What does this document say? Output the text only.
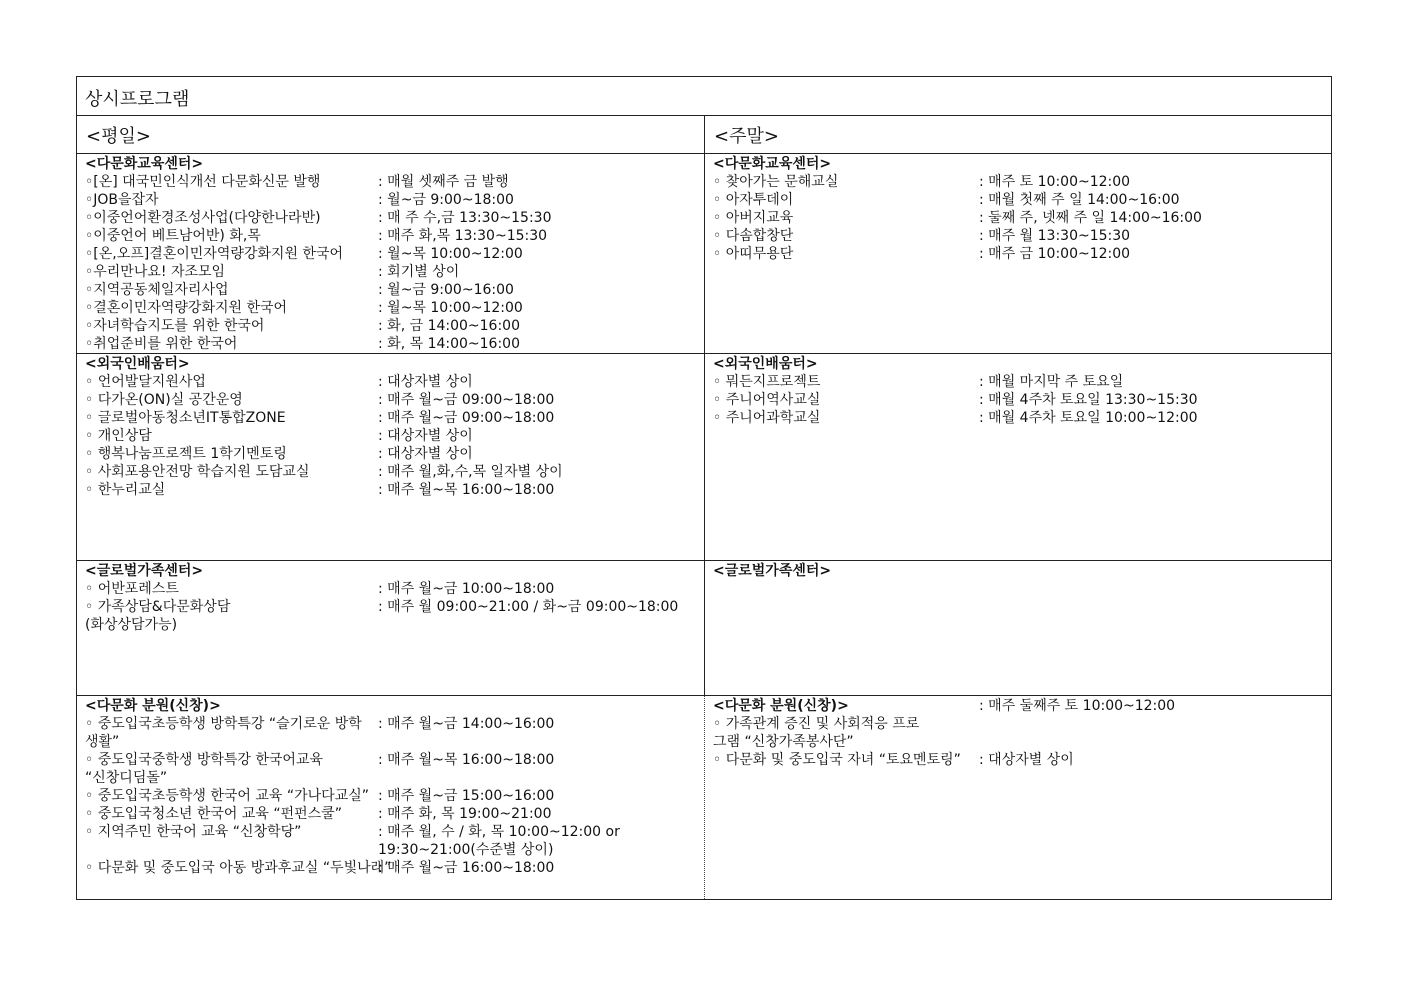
상시프로그램
<평일>	<주말>
<다문화교육센터>
◦[온] 대국민인식개선 다문화신문 발행	: 매월 셋째주 금 발행
◦JOB을잡자	: 월~금 9:00~18:00
◦이중언어환경조성사업(다양한나라반)	: 매 주 수,금 13:30~15:30
◦이중언어 베트남어반) 화,목	: 매주 화,목 13:30~15:30
◦[온,오프]결혼이민자역량강화지원 한국어	: 월~목 10:00~12:00
◦우리만나요! 자조모임	: 회기별 상이
◦지역공동체일자리사업	: 월~금 9:00~16:00
◦결혼이민자역량강화지원 한국어	: 월~목 10:00~12:00
◦자녀학습지도를 위한 한국어	: 화, 금 14:00~16:00
◦취업준비를 위한 한국어	: 화, 목 14:00~16:00
<다문화교육센터>
◦ 찾아가는 문해교실	: 매주 토 10:00~12:00
◦ 아자투데이	: 매월 첫째 주 일 14:00~16:00
◦ 아버지교육	: 둘째 주, 넷째 주 일 14:00~16:00
◦ 다솜합창단	: 매주 월 13:30~15:30
◦ 아띠무용단	: 매주 금 10:00~12:00
<외국인배움터>
◦ 언어발달지원사업	: 대상자별 상이
◦ 다가온(ON)실 공간운영	: 매주 월~금 09:00~18:00
◦ 글로벌아동청소년IT통합ZONE	: 매주 월~금 09:00~18:00
◦ 개인상담	: 대상자별 상이
◦ 행복나눔프로젝트 1학기멘토링	: 대상자별 상이
◦ 사회포용안전망 학습지원 도담교실	: 매주 월,화,수,목 일자별 상이
◦ 한누리교실	: 매주 월~목 16:00~18:00
<외국인배움터>
◦ 뭐든지프로젝트	: 매월 마지막 주 토요일
◦ 주니어역사교실	: 매월 4주차 토요일 13:30~15:30
◦ 주니어과학교실	: 매월 4주차 토요일 10:00~12:00
<글로벌가족센터>
◦ 어반포레스트	: 매주 월~금 10:00~18:00
◦ 가족상담&다문화상담	: 매주 월 09:00~21:00 / 화~금 09:00~18:00
(화상상담가능)
<글로벌가족센터>
<다문화 분원(신창)>
◦ 중도입국초등학생 방학특강 “슬기로운 방학 : 매주 월~금 14:00~16:00
생활”
◦ 중도입국중학생 방학특강 한국어교육	: 매주 월~목 16:00~18:00
“신창디딤돌”
◦ 중도입국초등학생 한국어 교육 “가나다교실” : 매주 월~금 15:00~16:00
◦ 중도입국청소년 한국어 교육 “펀펀스쿨”	: 매주 화, 목 19:00~21:00
◦ 지역주민 한국어 교육 “신창학당”	: 매주 월, 수 / 화, 목 10:00~12:00 or
19:30~21:00(수준별 상이)
◦ 다문화 및 중도입국 아동 방과후교실 “두빛나래”
: 매주 월~금 16:00~18:00
<다문화 분원(신창)>	: 매주 둘째주 토 10:00~12:00
◦ 가족관계 증진 및 사회적응 프로
그램 “신창가족봉사단”
◦ 다문화 및 중도입국 자녀 “토요멘토링” : 대상자별 상이
